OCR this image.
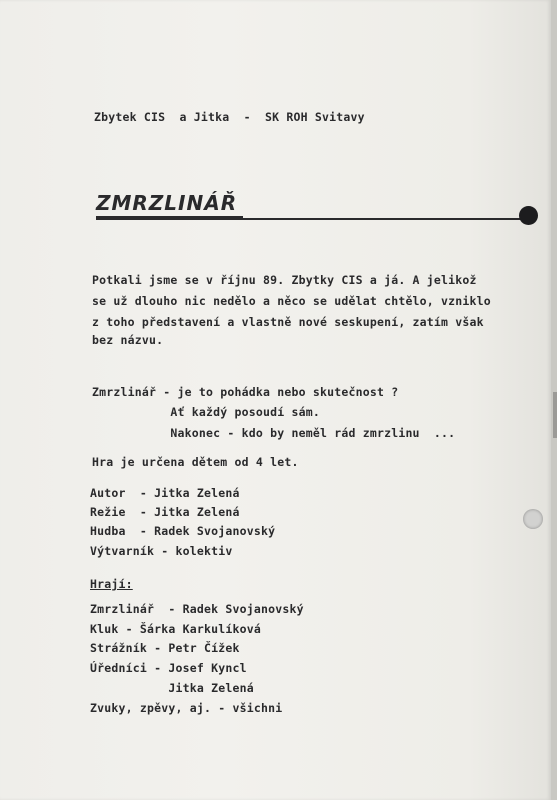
Zbytek CIS  a Jitka  -  SK ROH Svitavy
ZMRZLINÁŘ
Potkali jsme se v říjnu 89. Zbytky CIS a já. A jelikož
se už dlouho nic nedělo a něco se udělat chtělo, vzniklo
z toho představení a vlastně nové seskupení, zatím však
bez názvu.
Zmrzlinář - je to pohádka nebo skutečnost ?
Ať každý posoudí sám.
Nakonec - kdo by neměl rád zmrzlinu  ...
Hra je určena dětem od 4 let.
Autor  - Jitka Zelená
Režie  - Jitka Zelená
Hudba  - Radek Svojanovský
Výtvarník - kolektiv
Hrají:
Zmrzlinář  - Radek Svojanovský
Kluk - Šárka Karkulíková
Strážník - Petr Čížek
Úředníci - Josef Kyncl
Jitka Zelená
Zvuky, zpěvy, aj. - všichni
